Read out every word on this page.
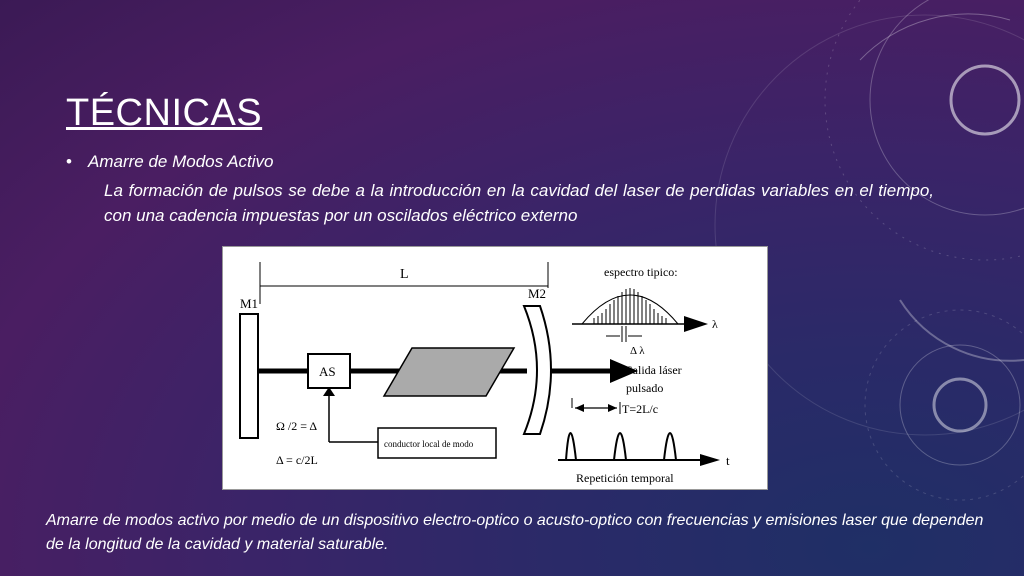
TÉCNICAS
• Amarre de Modos Activo
La formación de pulsos se debe a la introducción en la cavidad del laser de perdidas variables en el tiempo, con una cadencia impuestas por un oscilados eléctrico externo
L
M1
M2
AS
conductor local de modo
Ω /2 = Δ
Δ = c/2L
espectro tipico:
λ
Δ λ
Salida láser
pulsado
T=2L/c
t
Repetición temporal
Amarre de modos activo por medio de un dispositivo electro-optico o acusto-optico con frecuencias y emisiones laser que dependen de la longitud de la cavidad y material saturable.
